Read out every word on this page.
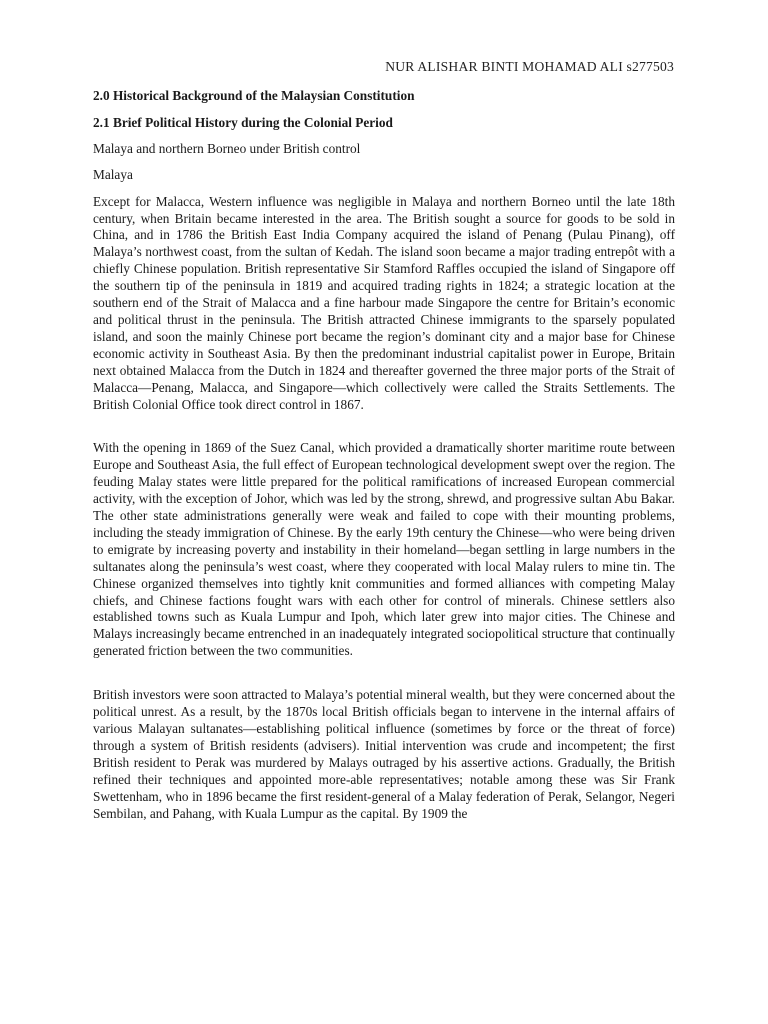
NUR ALISHAR BINTI MOHAMAD ALI s277503

2.0 Historical Background of the Malaysian Constitution

2.1 Brief Political History during the Colonial Period

Malaya and northern Borneo under British control

Malaya

Except for Malacca, Western influence was negligible in Malaya and northern Borneo until the late 18th century, when Britain became interested in the area. The British sought a source for goods to be sold in China, and in 1786 the British East India Company acquired the island of Penang (Pulau Pinang), off Malaya’s northwest coast, from the sultan of Kedah. The island soon became a major trading entrepôt with a chiefly Chinese population. British representative Sir Stamford Raffles occupied the island of Singapore off the southern tip of the peninsula in 1819 and acquired trading rights in 1824; a strategic location at the southern end of the Strait of Malacca and a fine harbour made Singapore the centre for Britain’s economic and political thrust in the peninsula. The British attracted Chinese immigrants to the sparsely populated island, and soon the mainly Chinese port became the region’s dominant city and a major base for Chinese economic activity in Southeast Asia. By then the predominant industrial capitalist power in Europe, Britain next obtained Malacca from the Dutch in 1824 and thereafter governed the three major ports of the Strait of Malacca—Penang, Malacca, and Singapore—which collectively were called the Straits Settlements. The British Colonial Office took direct control in 1867.

With the opening in 1869 of the Suez Canal, which provided a dramatically shorter maritime route between Europe and Southeast Asia, the full effect of European technological development swept over the region. The feuding Malay states were little prepared for the political ramifications of increased European commercial activity, with the exception of Johor, which was led by the strong, shrewd, and progressive sultan Abu Bakar. The other state administrations generally were weak and failed to cope with their mounting problems, including the steady immigration of Chinese. By the early 19th century the Chinese—who were being driven to emigrate by increasing poverty and instability in their homeland—began settling in large numbers in the sultanates along the peninsula’s west coast, where they cooperated with local Malay rulers to mine tin. The Chinese organized themselves into tightly knit communities and formed alliances with competing Malay chiefs, and Chinese factions fought wars with each other for control of minerals. Chinese settlers also established towns such as Kuala Lumpur and Ipoh, which later grew into major cities. The Chinese and Malays increasingly became entrenched in an inadequately integrated sociopolitical structure that continually generated friction between the two communities.

British investors were soon attracted to Malaya’s potential mineral wealth, but they were concerned about the political unrest. As a result, by the 1870s local British officials began to intervene in the internal affairs of various Malayan sultanates—establishing political influence (sometimes by force or the threat of force) through a system of British residents (advisers). Initial intervention was crude and incompetent; the first British resident to Perak was murdered by Malays outraged by his assertive actions. Gradually, the British refined their techniques and appointed more-able representatives; notable among these was Sir Frank Swettenham, who in 1896 became the first resident-general of a Malay federation of Perak, Selangor, Negeri Sembilan, and Pahang, with Kuala Lumpur as the capital. By 1909 the
